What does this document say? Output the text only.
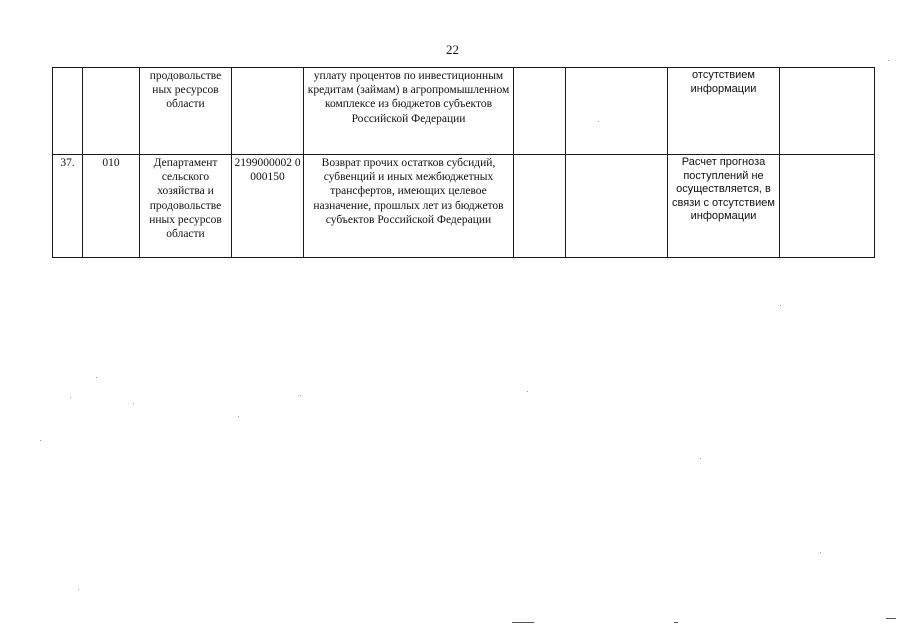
22
		продовольстве ных ресурсов области		уплату процентов по инвестиционным кредитам (займам) в агропромышленном комплексе из бюджетов субъектов Российской Федерации			отсутствием информации	
37.	010	Департамент сельского хозяйства и продовольстве нных ресурсов области	2199000002 0000150	Возврат прочих остатков субсидий, субвенций и иных межбюджетных трансфертов, имеющих целевое назначение, прошлых лет из бюджетов субъектов Российской Федерации			Расчет прогноза поступлений не осуществляется, в связи с отсутствием информации	
